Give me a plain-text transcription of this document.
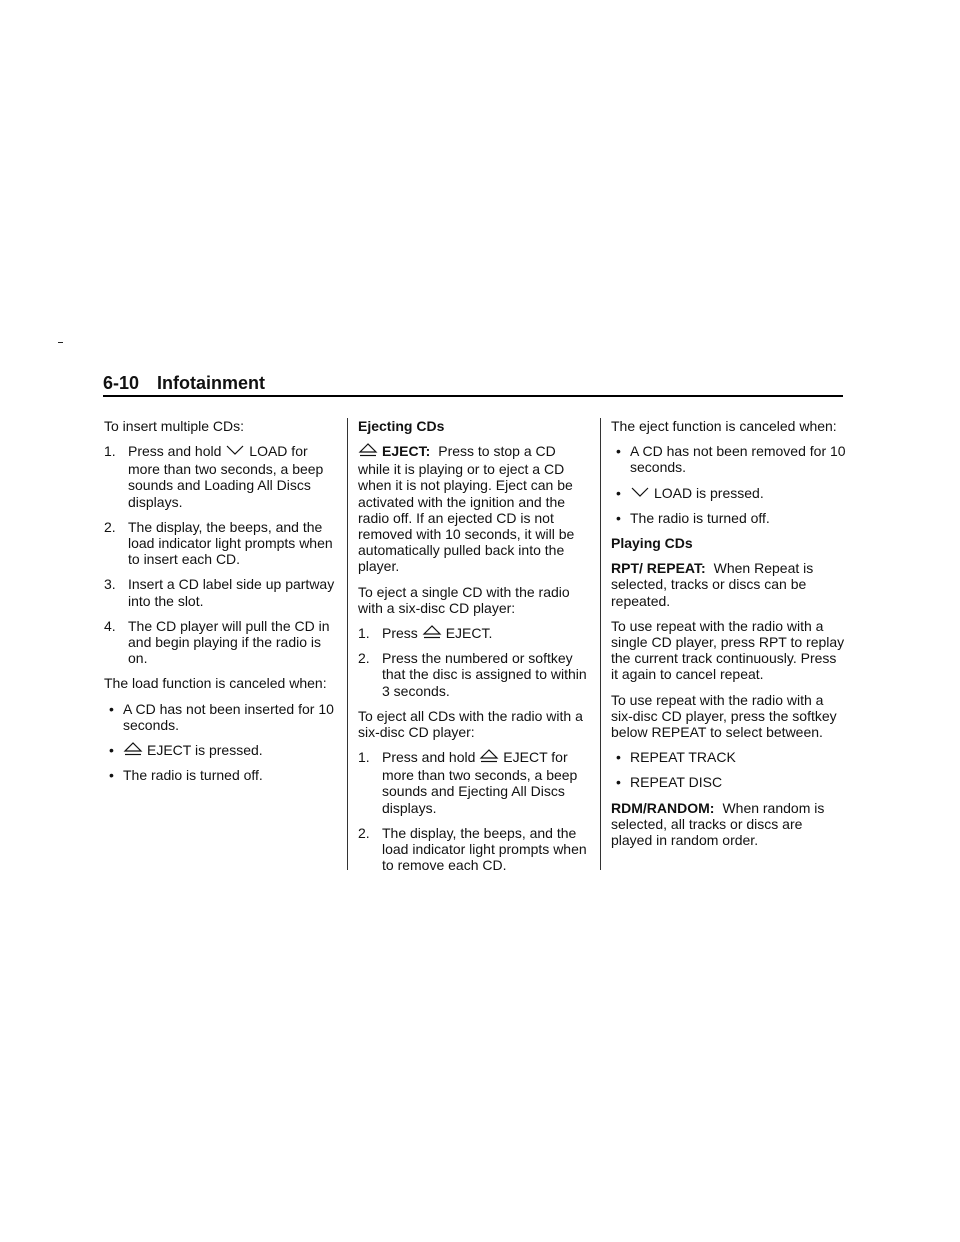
6-10 Infotainment

To insert multiple CDs:

1. Press and hold LOAD for
more than two seconds, a beep sounds and Loading All Discs displays.
2. The display, the beeps, and the load indicator light prompts when to insert each CD.
3. Insert a CD label side up partway into the slot.
4. The CD player will pull the CD in and begin playing if the radio is on.

The load function is canceled when:

• A CD has not been inserted for 10 seconds.
• EJECT is pressed.
• The radio is turned off.

Ejecting CDs

EJECT: Press to stop a CD

while it is playing or to eject a CD when it is not playing. Eject can be activated with the ignition and the radio off. If an ejected CD is not removed with 10 seconds, it will be automatically pulled back into the player.

To eject a single CD with the radio with a six-disc CD player:

1. Press EJECT.
2. Press the numbered or softkey that the disc is assigned to within 3 seconds.

To eject all CDs with the radio with a six-disc CD player:

1. Press and hold EJECT for
more than two seconds, a beep sounds and Ejecting All Discs displays.
2. The display, the beeps, and the load indicator light prompts when to remove each CD.

The eject function is canceled when:

• A CD has not been removed for 10 seconds.
• LOAD is pressed.
• The radio is turned off.

Playing CDs

RPT/ REPEAT: When Repeat is selected, tracks or discs can be repeated.

To use repeat with the radio with a single CD player, press RPT to replay the current track continuously. Press it again to cancel repeat.

To use repeat with the radio with a six-disc CD player, press the softkey below REPEAT to select between.

• REPEAT TRACK
• REPEAT DISC

RDM/RANDOM: When random is selected, all tracks or discs are played in random order.
